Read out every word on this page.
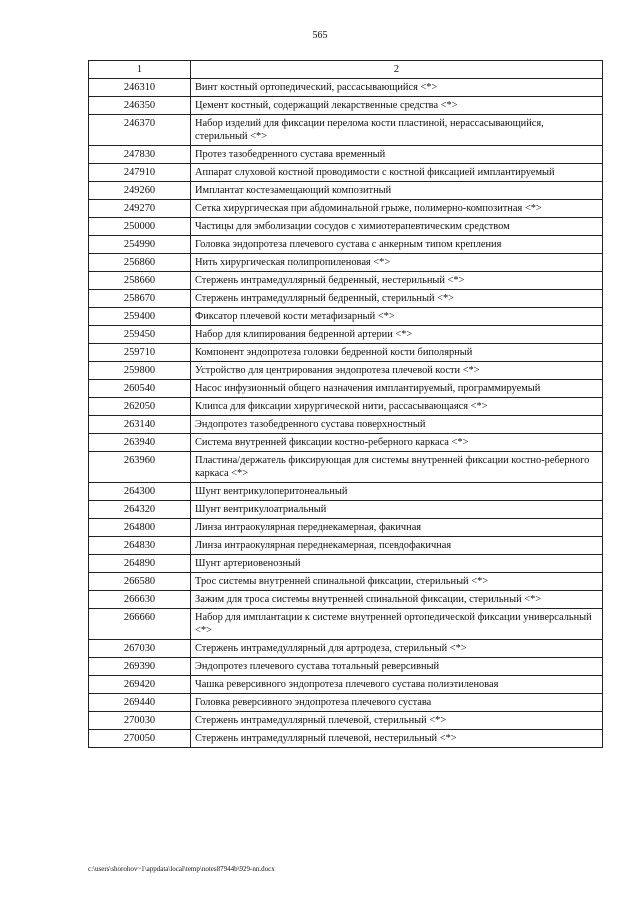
565
1	2
246310	Винт костный ортопедический, рассасывающийся <*>
246350	Цемент костный, содержащий лекарственные средства <*>
246370	Набор изделий для фиксации перелома кости пластиной, нерассасывающийся, стерильный <*>
247830	Протез тазобедренного сустава временный
247910	Аппарат слуховой костной проводимости с костной фиксацией имплантируемый
249260	Имплантат костезамещающий композитный
249270	Сетка хирургическая при абдоминальной грыже, полимерно-композитная <*>
250000	Частицы для эмболизации сосудов с химиотерапевтическим средством
254990	Головка эндопротеза плечевого сустава с анкерным типом крепления
256860	Нить хирургическая полипропиленовая <*>
258660	Стержень интрамедуллярный бедренный, нестерильный <*>
258670	Стержень интрамедуллярный бедренный, стерильный <*>
259400	Фиксатор плечевой кости метафизарный <*>
259450	Набор для клипирования бедренной артерии <*>
259710	Компонент эндопротеза головки бедренной кости биполярный
259800	Устройство для центрирования эндопротеза плечевой кости <*>
260540	Насос инфузионный общего назначения имплантируемый, программируемый
262050	Клипса для фиксации хирургической нити, рассасывающаяся <*>
263140	Эндопротез тазобедренного сустава поверхностный
263940	Система внутренней фиксации костно-реберного каркаса <*>
263960	Пластина/держатель фиксирующая для системы внутренней фиксации костно-реберного каркаса <*>
264300	Шунт вентрикулоперитонеальный
264320	Шунт вентрикулоатриальный
264800	Линза интраокулярная переднекамерная, факичная
264830	Линза интраокулярная переднекамерная, псевдофакичная
264890	Шунт артериовенозный
266580	Трос системы внутренней спинальной фиксации, стерильный <*>
266630	Зажим для троса системы внутренней спинальной фиксации, стерильный <*>
266660	Набор для имплантации к системе внутренней ортопедической фиксации универсальный <*>
267030	Стержень интрамедуллярный для артродеза, стерильный <*>
269390	Эндопротез плечевого сустава тотальный реверсивный
269420	Чашка реверсивного эндопротеза плечевого сустава полиэтиленовая
269440	Головка реверсивного эндопротеза плечевого сустава
270030	Стержень интрамедуллярный плечевой, стерильный <*>
270050	Стержень интрамедуллярный плечевой, нестерильный <*>
c:\users\shorohov~1\appdata\local\temp\notes87944b\929-nn.docx
